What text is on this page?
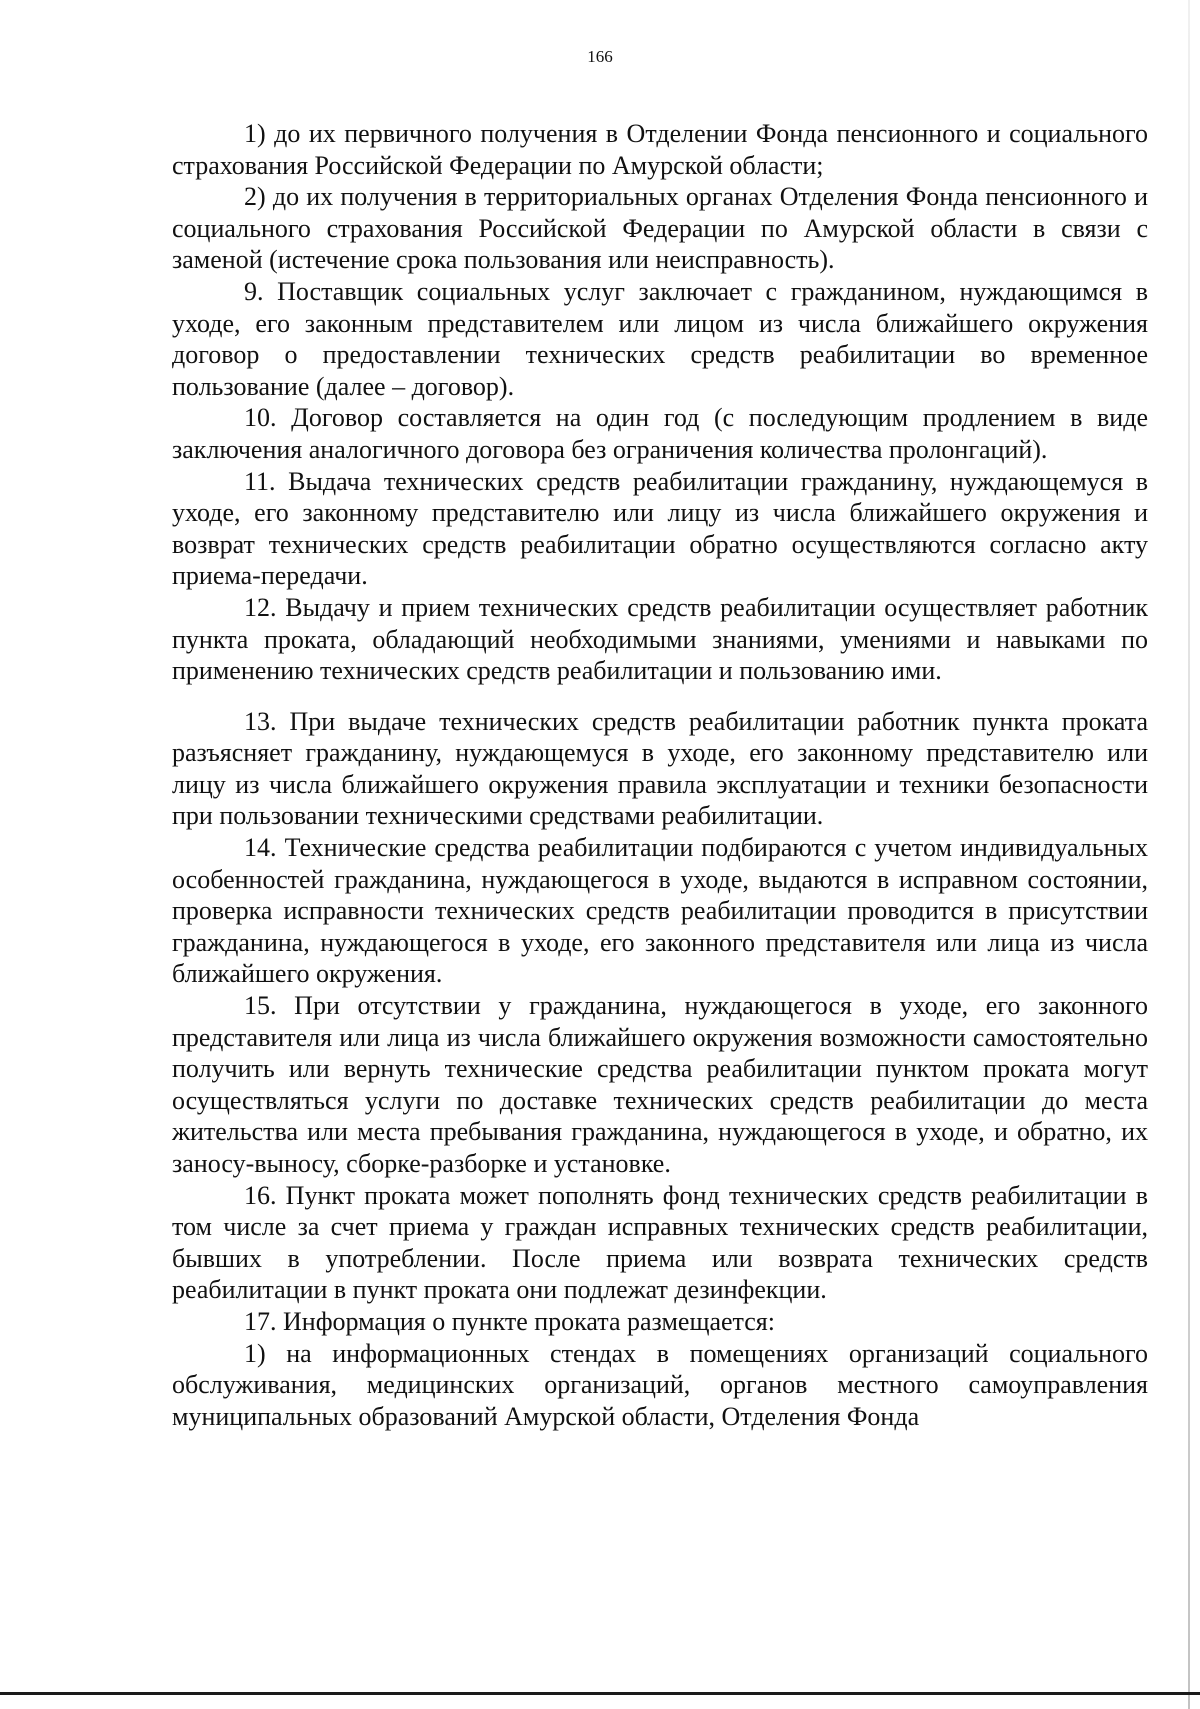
166

1) до их первичного получения в Отделении Фонда пенсионного и социального страхования Российской Федерации по Амурской области;

2) до их получения в территориальных органах Отделения Фонда пенсионного и социального страхования Российской Федерации по Амурской области в связи с заменой (истечение срока пользования или неисправность).

9. Поставщик социальных услуг заключает с гражданином, нуждающимся в уходе, его законным представителем или лицом из числа ближайшего окружения договор о предоставлении технических средств реабилитации во временное пользование (далее – договор).

10. Договор составляется на один год (с последующим продлением в виде заключения аналогичного договора без ограничения количества пролонгаций).

11. Выдача технических средств реабилитации гражданину, нуждающемуся в уходе, его законному представителю или лицу из числа ближайшего окружения и возврат технических средств реабилитации обратно осуществляются согласно акту приема-передачи.

12. Выдачу и прием технических средств реабилитации осуществляет работник пункта проката, обладающий необходимыми знаниями, умениями и навыками по применению технических средств реабилитации и пользованию ими.

13. При выдаче технических средств реабилитации работник пункта проката разъясняет гражданину, нуждающемуся в уходе, его законному представителю или лицу из числа ближайшего окружения правила эксплуатации и техники безопасности при пользовании техническими средствами реабилитации.

14. Технические средства реабилитации подбираются с учетом индивидуальных особенностей гражданина, нуждающегося в уходе, выдаются в исправном состоянии, проверка исправности технических средств реабилитации проводится в присутствии гражданина, нуждающегося в уходе, его законного представителя или лица из числа ближайшего окружения.

15. При отсутствии у гражданина, нуждающегося в уходе, его законного представителя или лица из числа ближайшего окружения возможности самостоятельно получить или вернуть технические средства реабилитации пунктом проката могут осуществляться услуги по доставке технических средств реабилитации до места жительства или места пребывания гражданина, нуждающегося в уходе, и обратно, их заносу-выносу, сборке-разборке и установке.

16. Пункт проката может пополнять фонд технических средств реабилитации в том числе за счет приема у граждан исправных технических средств реабилитации, бывших в употреблении. После приема или возврата технических средств реабилитации в пункт проката они подлежат дезинфекции.

17. Информация о пункте проката размещается:

1) на информационных стендах в помещениях организаций социального обслуживания, медицинских организаций, органов местного самоуправления муниципальных образований Амурской области, Отделения Фонда
